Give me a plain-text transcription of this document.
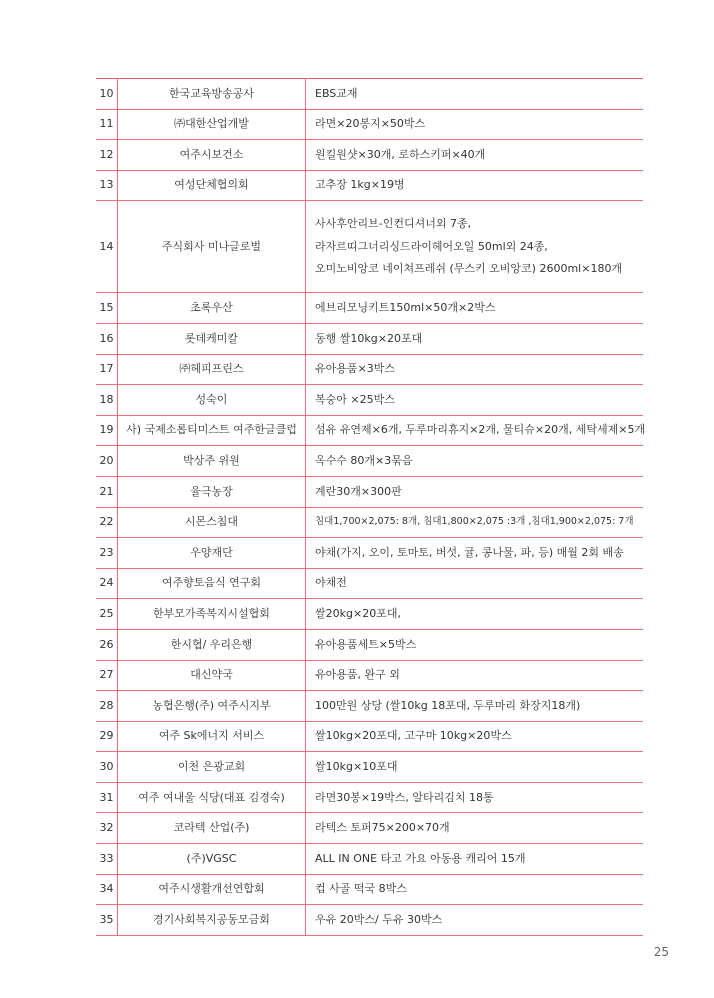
10	한국교육방송공사	EBS교재

11	㈜대한산업개발	라면×20봉지×50박스

12	여주시보건소	원킬원샷×30개, 로하스키퍼×40개

13	여성단체협의회	고추장 1kg×19병

14	주식회사 미나글로벌	사사후안리브-인컨디셔너외 7종,
라자르띠그너리싱드라이헤어오일 50ml외 24종,
오미노비앙코 네이쳐프레쉬 (무스키 오비앙코) 2600ml×180개

15	초록우산	에브리모닝키트150ml×50개×2박스

16	롯데케미칼	동행 쌀10kg×20포대

17	㈜헤피프린스	유아용품×3박스

18	성숙이	복숭아 ×25박스

19	사) 국제소롭티미스트 여주한글클럽	섬유 유연제×6개, 두루마리휴지×2개, 물티슈×20개, 세탁세제×5개

20	박상주 위원	옥수수 80개×3묶음

21	율극농장	계란30개×300판

22	시몬스침대	침대1,700×2,075: 8개, 침대1,800×2,075 :3개 ,침대1,900×2,075: 7개

23	우양재단	야채(가지, 오이, 토마토, 버섯, 귤, 콩나물, 파, 등) 매월 2회 배송

24	여주향토음식 연구회	야채전

25	한부모가족복지시설협회	쌀20kg×20포대,

26	한시협/ 우리은행	유아용품세트×5박스

27	대신약국	유아용품, 완구 외

28	농협은행(주) 여주시지부	100만원 상당 (쌀10kg 18포대, 두루마리 화장지18개)

29	여주 Sk에너지 서비스	쌀10kg×20포대, 고구마 10kg×20박스

30	이천 은광교회	쌀10kg×10포대

31	여주 여내울 식당(대표 김경숙)	라면30봉×19박스, 알타리김치 18통

32	코라텍 산업(주)	라텍스 토퍼75×200×70개

33	(주)VGSC	ALL IN ONE 타고 가요 아동용 캐리어 15개

34	여주시생활개선연합회	컵 사골 떡국 8박스

35	경기사회복지공동모금회	우유 20박스/ 두유 30박스
25
